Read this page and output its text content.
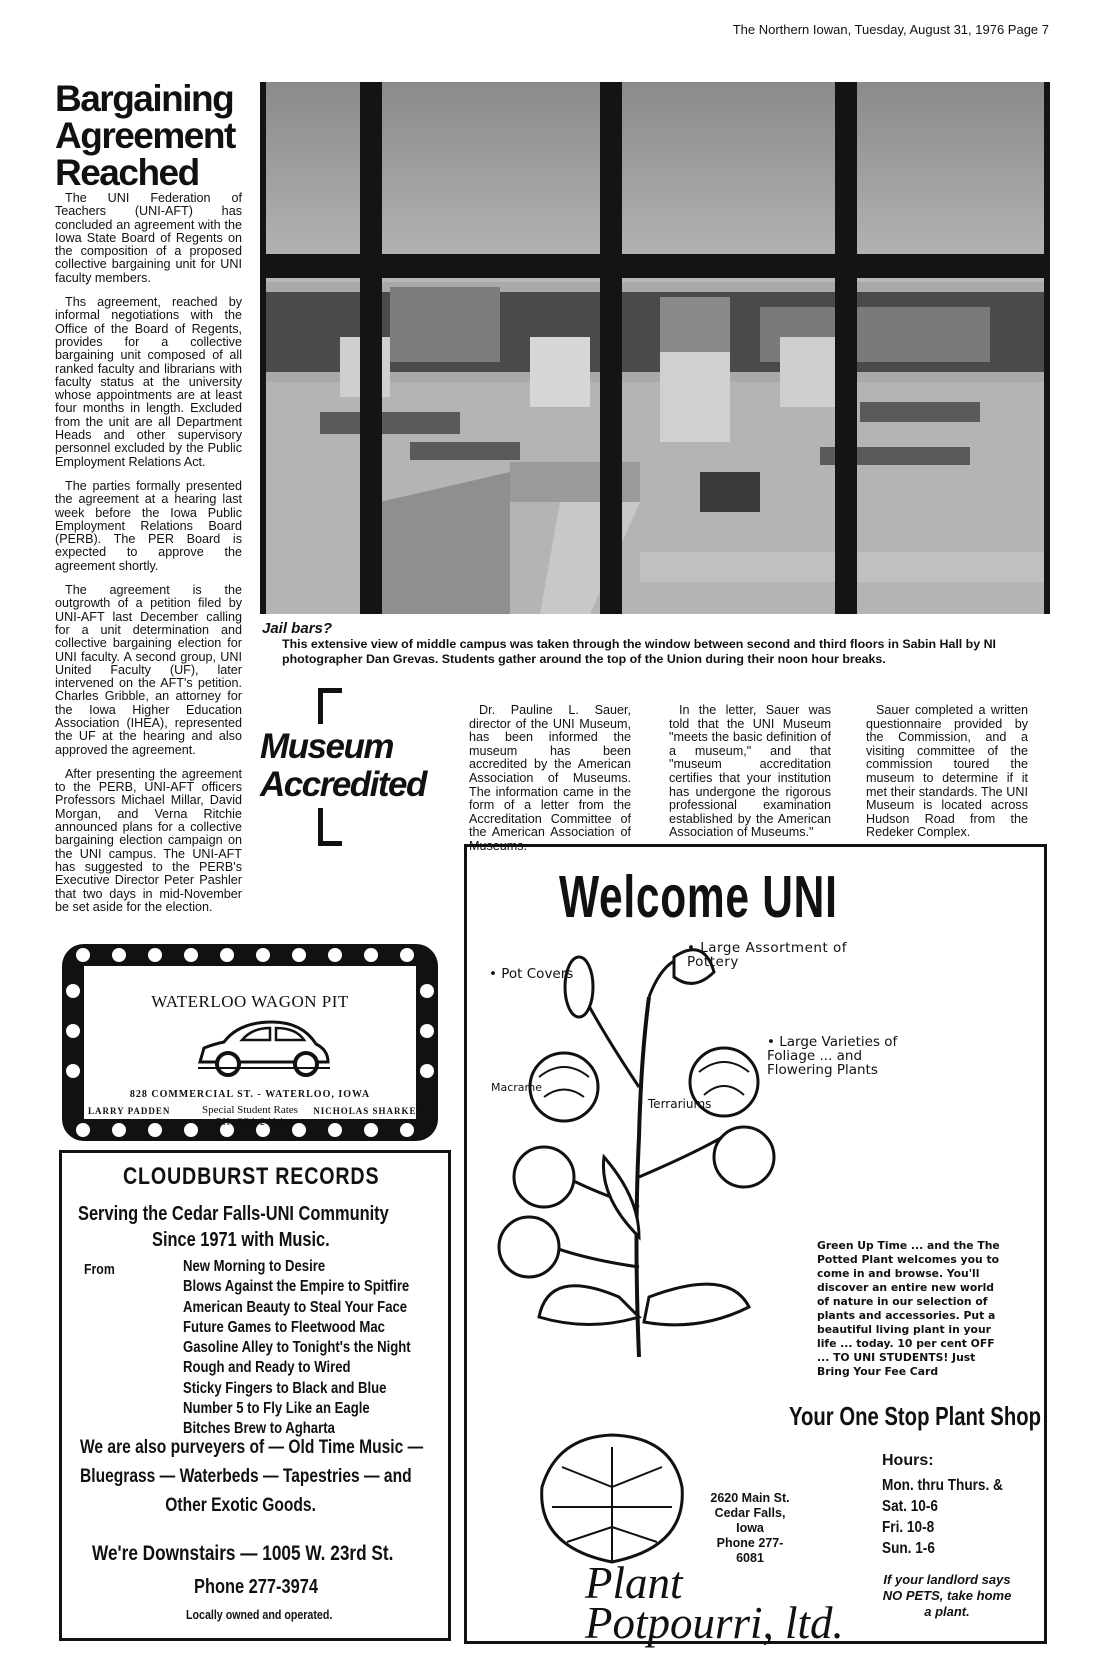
The Northern Iowan, Tuesday, August 31, 1976 Page 7
Bargaining
Agreement
Reached

The UNI Federation of Teachers (UNI-AFT) has concluded an agreement with the Iowa State Board of Regents on the composition of a proposed collective bargaining unit for UNI faculty members.

Ths agreement, reached by informal negotiations with the Office of the Board of Regents, provides for a collective bargaining unit composed of all ranked faculty and librarians with faculty status at the university whose appointments are at least four months in length. Excluded from the unit are all Department Heads and other supervisory personnel excluded by the Public Employment Relations Act.

The parties formally presented the agreement at a hearing last week before the Iowa Public Employment Relations Board (PERB). The PER Board is expected to approve the agreement shortly.

The agreement is the outgrowth of a petition filed by UNI-AFT last December calling for a unit determination and collective bargaining election for UNI faculty. A second group, UNI United Faculty (UF), later intervened on the AFT's petition. Charles Gribble, an attorney for the Iowa Higher Education Association (IHEA), represented the UF at the hearing and also approved the agreement.

After presenting the agreement to the PERB, UNI-AFT officers Professors Michael Millar, David Morgan, and Verna Ritchie announced plans for a collective bargaining election campaign on the UNI campus. The UNI-AFT has suggested to the PERB's Executive Director Peter Pashler that two days in mid-November be set aside for the election.

Jail bars?
This extensive view of middle campus was taken through the window between second and third floors in Sabin Hall by NI photographer Dan Grevas. Students gather around the top of the Union during their noon hour breaks.
Museum
Accredited

Dr. Pauline L. Sauer, director of the UNI Museum, has been informed the museum has been accredited by the American Association of Museums. The information came in the form of a letter from the Accreditation Committee of the American Association of Museums.

In the letter, Sauer was told that the UNI Museum "meets the basic definition of a museum," and that "museum accreditation certifies that your institution has undergone the rigorous professional examination established by the American Association of Museums."

Sauer completed a written questionnaire provided by the Commission, and a visiting committee of the commission toured the museum to determine if it met their standards. The UNI Museum is located across Hudson Road from the Redeker Complex.

WATERLOO WAGON PIT
828 COMMERCIAL ST. - WATERLOO, IOWA
Special Student Rates
PH. 234-2414
LARRY PADDEN	NICHOLAS SHARKEY
CLOUDBURST RECORDS
Serving the Cedar Falls-UNI Community
Since 1971 with Music.
From	New Morning to Desire
Blows Against the Empire to Spitfire
American Beauty to Steal Your Face
Future Games to Fleetwood Mac
Gasoline Alley to Tonight's the Night
Rough and Ready to Wired
Sticky Fingers to Black and Blue
Number 5 to Fly Like an Eagle
Bitches Brew to Agharta
We are also purveyers of — Old Time Music —
Bluegrass — Waterbeds — Tapestries — and
Other Exotic Goods.
We're Downstairs — 1005 W. 23rd St.
Phone 277-3974
Locally owned and operated.
Welcome UNI
• Pot Covers
• Large Assortment of Pottery
• Large Varieties of Foliage ... and Flowering Plants
Macrame
• Terrariums
Green Up Time ... and the The Potted Plant welcomes you to come in and browse. You'll discover an entire new world of nature in our selection of plants and accessories. Put a beautiful living plant in your life ... today. 10 per cent OFF ... TO UNI STUDENTS! Just Bring Your Fee Card
Your One Stop Plant Shop
Hours:
Mon. thru Thurs. &
Sat. 10-6
Fri. 10-8
Sun. 1-6
2620 Main St.
Cedar Falls, Iowa
Phone 277-6081
Plant
Potpourri, ltd.
If your landlord says NO PETS, take home a plant.
